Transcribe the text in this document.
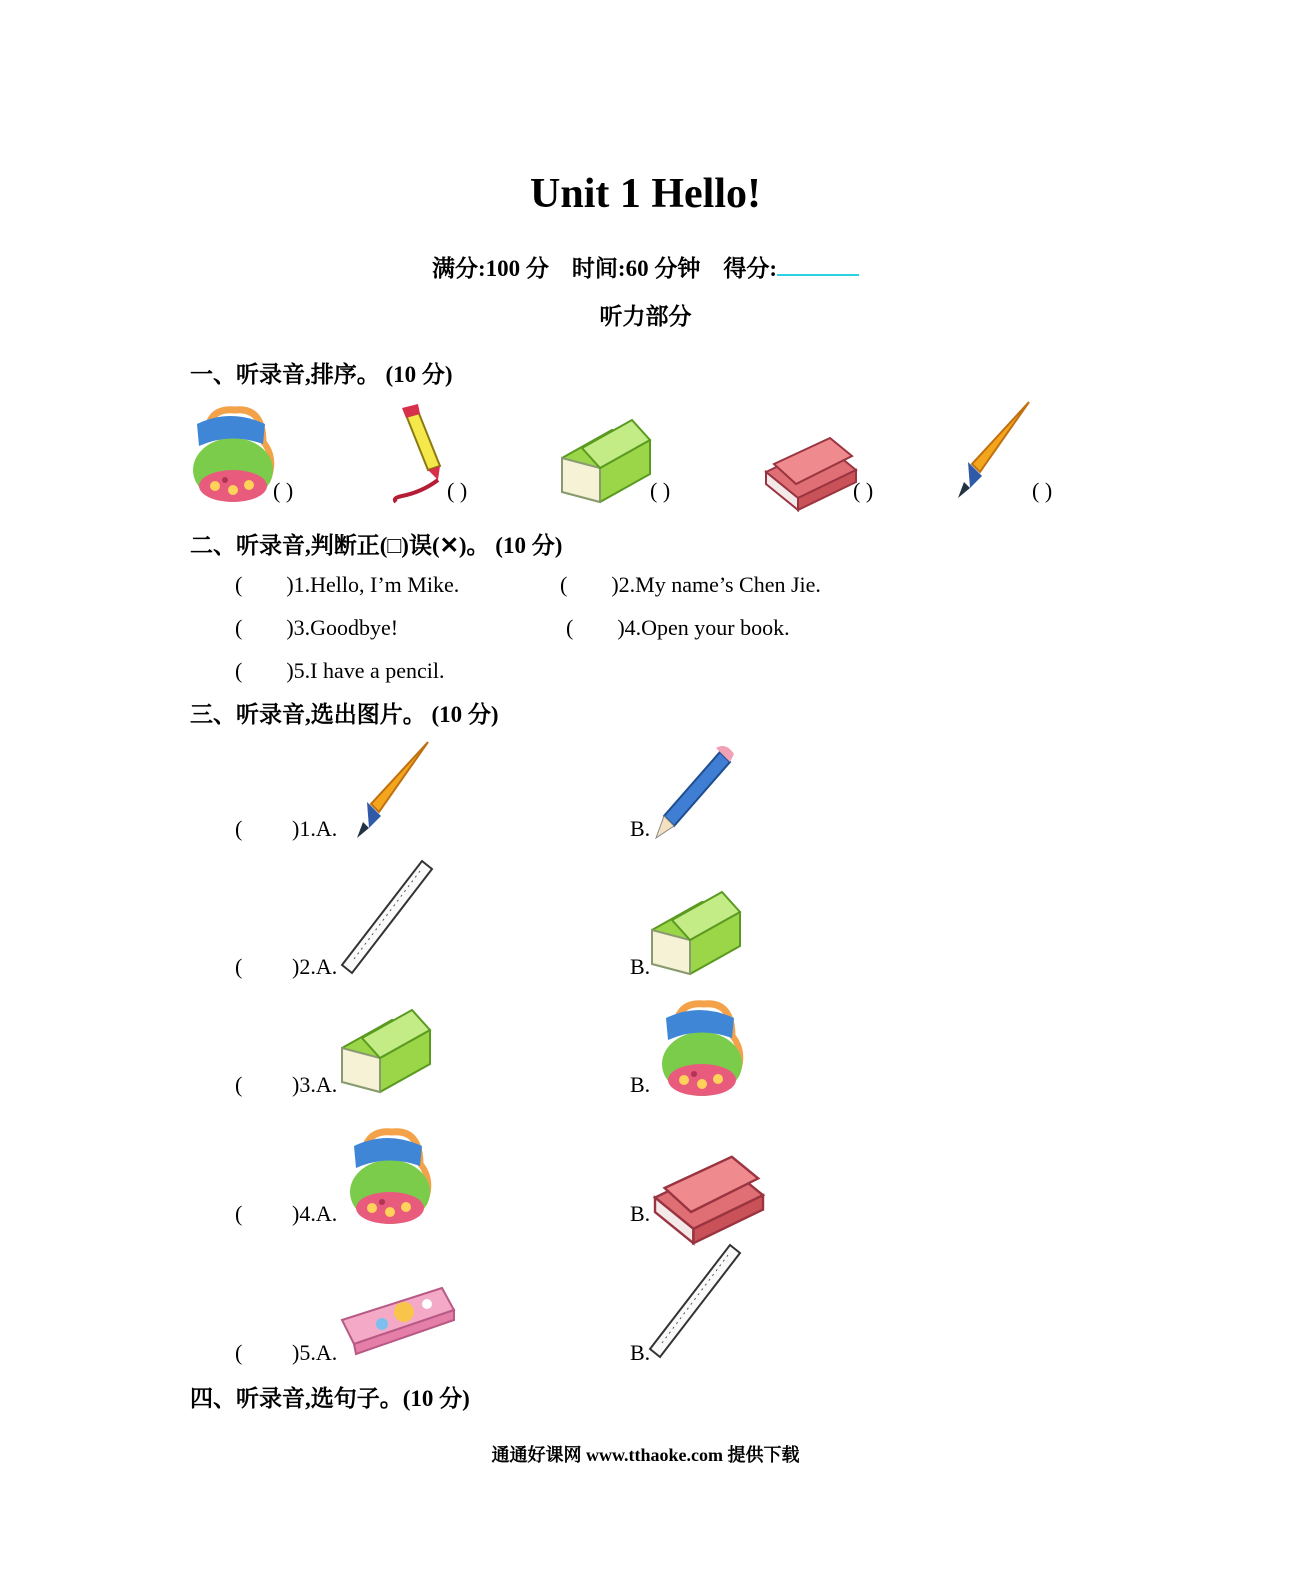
Unit 1 Hello!
满分:100 分 时间:60 分钟 得分:
听力部分
一、听录音,排序。 (10 分)
( )	( )	( )	( )	( )
二、听录音,判断正(□)误(✕)。 (10 分)
(        )1.Hello, I’m Mike.	(        )2.My name’s Chen Jie.
(        )3.Goodbye!	(        )4.Open your book.
(        )5.I have a pencil.
三、听录音,选出图片。 (10 分)
( )1.A.	B.
( )2.A.	B.
( )3.A.	B.
( )4.A.	B.
( )5.A.	B.
四、听录音,选句子。(10 分)
通通好课网 www.tthaoke.com 提供下载
